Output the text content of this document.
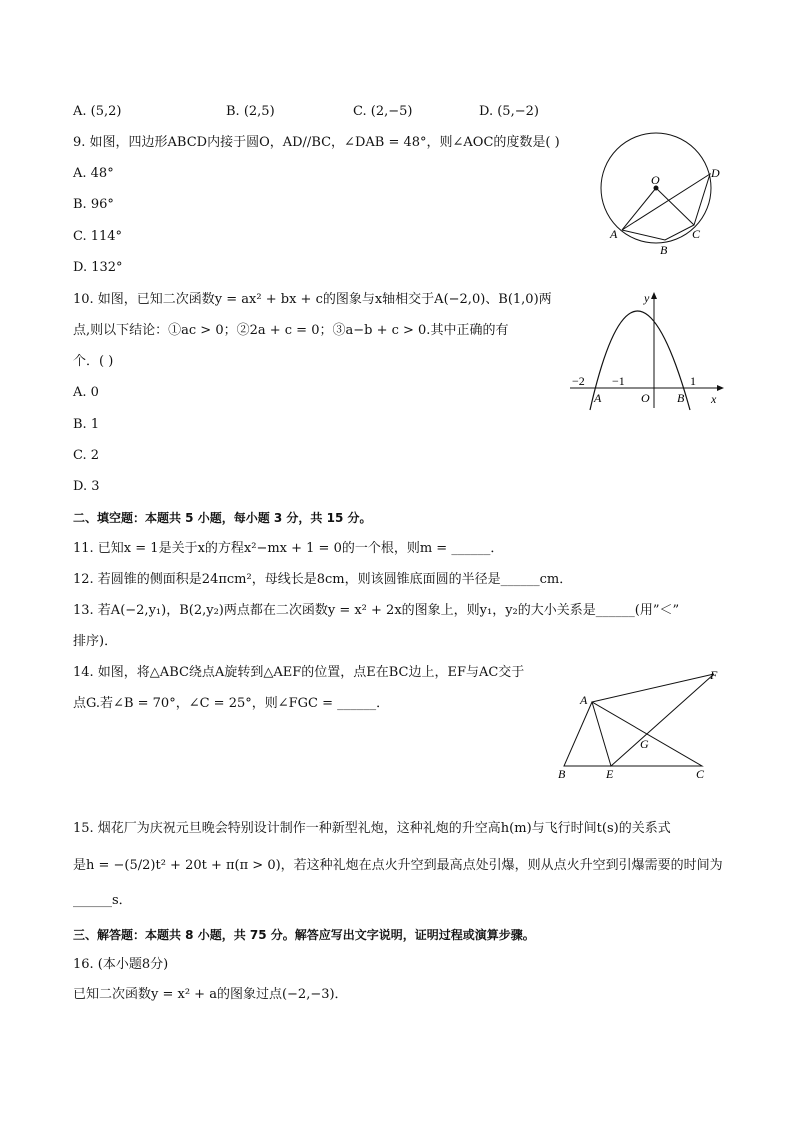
A. (5,2)	B. (2,5)	C. (2,−5)	D. (5,−2)
9. 如图，四边形ABCD内接于圆O，AD//BC，∠DAB = 48°，则∠AOC的度数是( )
A. 48°
B. 96°
C. 114°
D. 132°
O
A
B
C
D
10. 如图，已知二次函数y = ax² + bx + c的图象与x轴相交于A(−2,0)、B(1,0)两
点,则以下结论：①ac > 0；②2a + c = 0；③a−b + c > 0.其中正确的有
个．( )
A. 0
B. 1
C. 2
D. 3
y
x
O
A	B
−2 −1	1
二、填空题：本题共 5 小题，每小题 3 分，共 15 分。
11. 已知x = 1是关于x的方程x²−mx + 1 = 0的一个根，则m = ______．
12. 若圆锥的侧面积是24πcm²，母线长是8cm，则该圆锥底面圆的半径是______cm．
13. 若A(−2,y₁)，B(2,y₂)两点都在二次函数y = x² + 2x的图象上，则y₁，y₂的大小关系是______(用”＜”
排序)．
14. 如图，将△ABC绕点A旋转到△AEF的位置，点E在BC边上，EF与AC交于
点G.若∠B = 70°，∠C = 25°，则∠FGC = ______．	A
B	E	C
F
G
15. 烟花厂为庆祝元旦晚会特别设计制作一种新型礼炮，这种礼炮的升空高h(m)与飞行时间t(s)的关系式
是h = −(5/2)t² + 20t + π(π > 0)，若这种礼炮在点火升空到最高点处引爆，则从点火升空到引爆需要的时间为
______s．
三、解答题：本题共 8 小题，共 75 分。解答应写出文字说明，证明过程或演算步骤。
16. (本小题8分)
已知二次函数y = x² + a的图象过点(−2,−3)．
